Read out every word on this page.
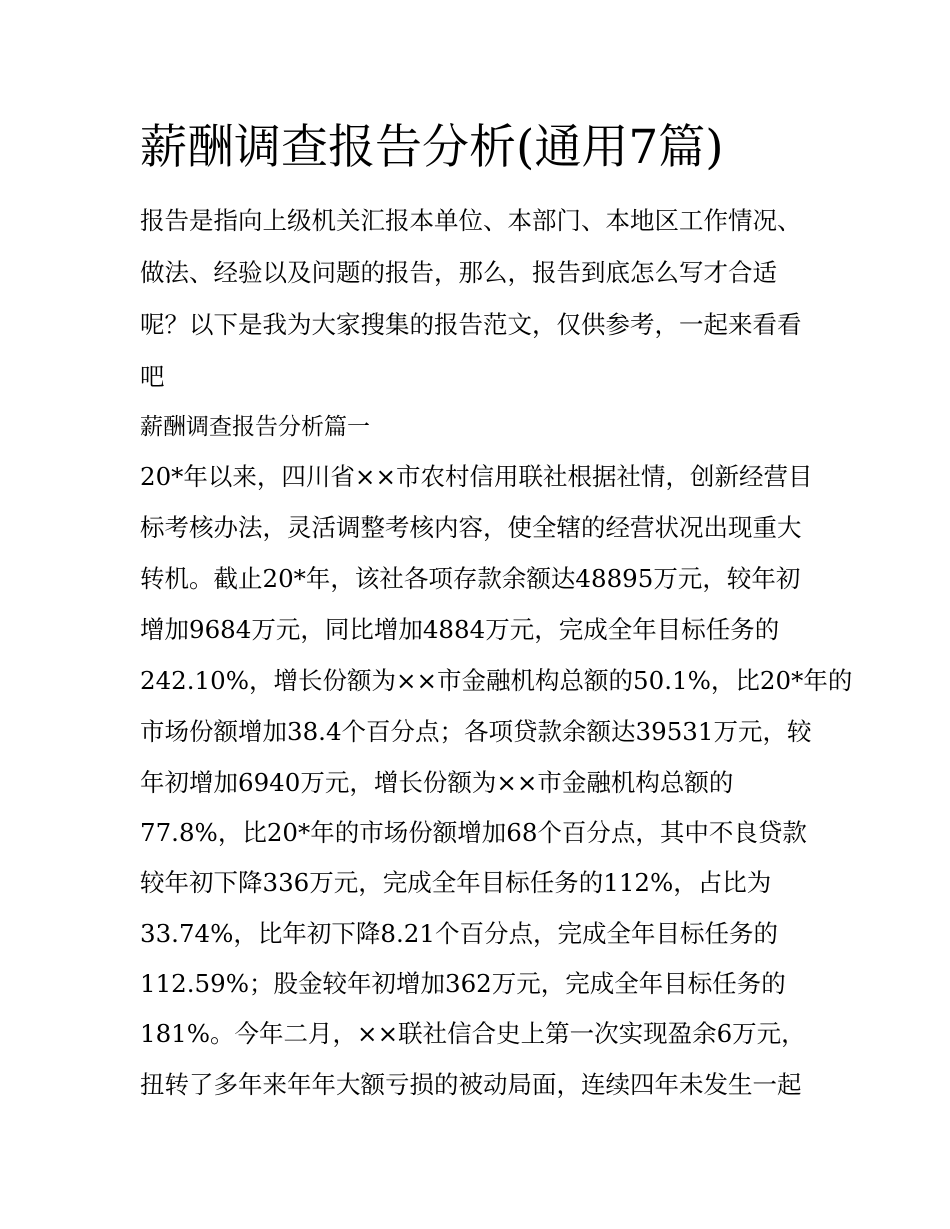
薪酬调查报告分析(通用7篇)
报告是指向上级机关汇报本单位、本部门、本地区工作情况、
做法、经验以及问题的报告，那么，报告到底怎么写才合适
呢？以下是我为大家搜集的报告范文，仅供参考，一起来看看
吧
薪酬调查报告分析篇一
20*年以来，四川省××市农村信用联社根据社情，创新经营目
标考核办法，灵活调整考核内容，使全辖的经营状况出现重大
转机。截止20*年，该社各项存款余额达48895万元，较年初
增加9684万元，同比增加4884万元，完成全年目标任务的
242.10%，增长份额为××市金融机构总额的50.1%，比20*年的
市场份额增加38.4个百分点；各项贷款余额达39531万元，较
年初增加6940万元，增长份额为××市金融机构总额的
77.8%，比20*年的市场份额增加68个百分点，其中不良贷款
较年初下降336万元，完成全年目标任务的112%，占比为
33.74%，比年初下降8.21个百分点，完成全年目标任务的
112.59%；股金较年初增加362万元，完成全年目标任务的
181%。今年二月，××联社信合史上第一次实现盈余6万元，
扭转了多年来年年大额亏损的被动局面，连续四年未发生一起
